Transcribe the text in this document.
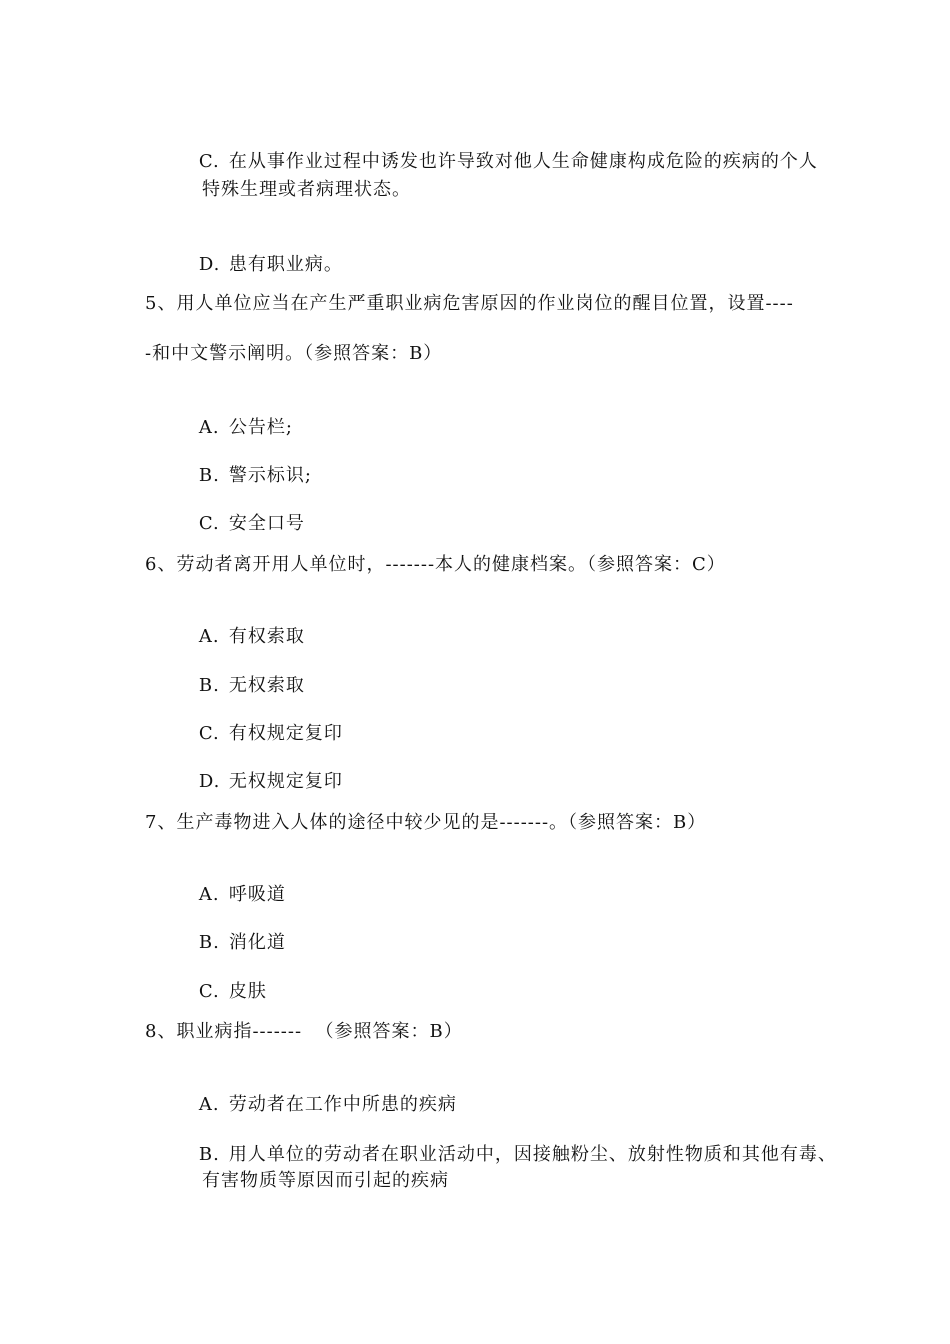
C. 在从事作业过程中诱发也许导致对他人生命健康构成危险的疾病的个人

特殊生理或者病理状态。

D. 患有职业病。

5、用人单位应当在产生严重职业病危害原因的作业岗位的醒目位置，设置----
-和中文警示阐明。（参照答案：B）

A. 公告栏;

B. 警示标识;

C. 安全口号

6、劳动者离开用人单位时，-------本人的健康档案。（参照答案：C）

A. 有权索取

B. 无权索取

C. 有权规定复印

D. 无权规定复印

7、生产毒物进入人体的途径中较少见的是-------。（参照答案：B）

A. 呼吸道

B. 消化道

C. 皮肤

8、职业病指-------  （参照答案：B）

A. 劳动者在工作中所患的疾病

B. 用人单位的劳动者在职业活动中，因接触粉尘、放射性物质和其他有毒、

有害物质等原因而引起的疾病
